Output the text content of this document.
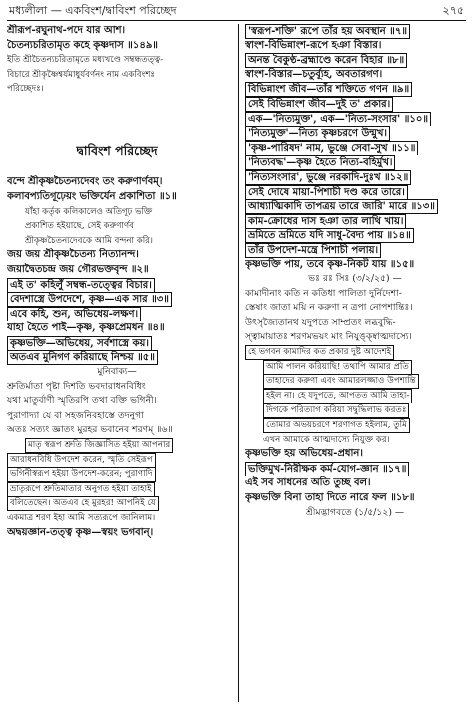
মধ্যলীলা — একবিংশ/দ্বাবিংশ পরিচ্ছেদ	২৭৫
শ্রীরূপ-রঘুনাথ-পদে যার আশ।
চৈতন্যচরিতামৃত কহে কৃষ্ণদাস ॥১৪৯॥
ইতি শ্রীচৈতন্যচরিতামৃতে মধ্যখণ্ডে সম্বন্ধতত্ত্ব-
বিচারে শ্রীকৃষ্ণৈশ্বর্যমাধুর্যবর্ণনং নাম একবিংশঃ
পরিচ্ছেদঃ।
দ্বাবিংশ পরিচ্ছেদ
বন্দে শ্রীকৃষ্ণচৈতন্যদেবং তং করুণার্ণবম্।
কলাবপ্যতিগূঢ়েয়ং ভক্তির্যেন প্রকাশিতা ॥১॥
যাঁহা কর্তৃক কলিকালেও অতিগূঢ় ভক্তি
প্রকাশিত হইয়াছে, সেই করুণার্ণব
শ্রীকৃষ্ণচৈতন্যদেবকে আমি বন্দনা করি।
জয় জয় শ্রীকৃষ্ণচৈতন্য নিত্যানন্দ।
জয়াদ্বৈতচন্দ্র জয় গৌরভক্তবৃন্দ ॥২॥
এই ত' কহিলুঁ সম্বন্ধ-তত্ত্বের বিচার।
বেদশাস্ত্রে উপদেশে, কৃষ্ণ—এক সার ॥৩॥
এবে কহি, শুন, অভিধেয়-লক্ষণ।
যাহা হৈতে পাই—কৃষ্ণ, কৃষ্ণপ্রেমধন ॥৪॥
কৃষ্ণভক্তি—অভিধেয়, সর্বশাস্ত্রে কয়।
অতএব মুনিগণ করিয়াছে নিশ্চয় ॥৫॥
মুনিবাক্য—
শ্রুতির্মাতা পৃষ্টা দিশতি ভবদারাধনবিধিং
যথা মাতুর্বাণী স্মৃতিরপি তথা বক্তি ভগিনী।
পুরাণাদ্যা যে বা সহজনিবহাস্তে তদনুগা
অতঃ সত্যং জ্ঞাতং মুরহর ভবানেব শরণম্ ॥৬॥
মাতৃ স্বরূপ শ্রুতি জিজ্ঞাসিত হইয়া আপনার
আরাধনবিধি উপদেশ করেন, স্মৃতি সেইরূপ
ভগিনীস্বরূপ হইয়া উপদেশ-করেন; পুরাণাদি
ভ্রাতৃরূপে শ্রুতিমাতার অনুগত হইয়া তাহাই
বলিতেছেন। অতএব হে মুরহর! আপনিই যে
একমাত্র শরণ ইহা আমি সত্যরূপে জানিলাম।
অদ্বয়জ্ঞান-তত্ত্ব কৃষ্ণ—স্বয়ং ভগবান্।
'স্বরূপ-শক্তি' রূপে তাঁর হয় অবস্থান ॥৭॥
স্বাংশ-বিভিন্নাংশ-রূপে হঞা বিস্তার।
অনন্ত বৈকুণ্ঠ-ব্রহ্মাণ্ডে করেন বিহার ॥৮॥
স্বাংশ-বিস্তার—চতুর্ব্যূহ, অবতারগণ।
বিভিন্নাংশ জীব—তাঁর শক্তিতে গণন ॥৯॥
সেই বিভিন্নাংশ জীব—দুই ত' প্রকার।
এক—'নিত্যমুক্ত', এক—'নিত্য-সংসার' ॥১০॥
'নিত্যমুক্ত'—নিত্য কৃষ্ণচরণে উন্মুখ।
'কৃষ্ণ-পারিষদ' নাম, ভুঞ্জে সেবা-সুখ ॥১১॥
'নিত্যবদ্ধ'—কৃষ্ণ হৈতে নিত্য-বহির্মুখ।
'নিত্যসংসার', ভুঞ্জে নরকাদি-দুঃখ ॥১২॥
সেই দোষে মায়া-পিশাচী দণ্ড করে তারে।
আধ্যাত্মিকাদি তাপত্রয় তারে জারি' মারে ॥১৩॥
কাম-ক্রোধের দাস হঞা তার লাথি খায়।
ভ্রমিতে ভ্রমিতে যদি সাধু-বৈদ্য পায় ॥১৪॥
তাঁর উপদেশ-মন্ত্রে পিশাচী পলায়।
কৃষ্ণভক্তি পায়, তবে কৃষ্ণ-নিকট যায় ॥১৫॥
ভঃ রঃ সিঃ (৩/২/২৫) —
কামাদীনাং কতি ন কতিধা পালিতা দুর্নিদেশা-
স্তেষাং জাতা ময়ি ন করুণা ন ত্রপা নোপশান্তিঃ।
উৎসৃজ্যৈতানথ যদুপতে সাম্প্রতং লব্ধবুদ্ধি-
স্ত্বামায়াতঃ শরণমভয়ং মাং নিযুঙ্ক্ষ্বাত্মদাস্যে।
হে ভগবন কামাদির কত প্রকার দুষ্ট আদেশই
আমি পালন করিয়াছি! তথাপি আমার প্রতি
তাহাদের করুণা এবং আমারলজ্জাও উপশান্তি
হইল না। হে যদুপতে, আপতত আমি তাহা-
দিগকে পরিত্যাগ করিয়া সদ্বুদ্ধিলাভ করতঃ
তোমার অভয়চরণে শরণাগত হইলাম, তুমি
এখন আমাকে আত্মদাস্যে নিযুক্ত কর।
কৃষ্ণভক্তি হয় অভিধেয়-প্রধান।
ভক্তিমুখ-নিরীক্ষক কর্ম-যোগ-জ্ঞান ॥১৭॥
এই সব সাধনের অতি তুচ্ছ বল।
কৃষ্ণভক্তি বিনা তাহা দিতে নারে ফল ॥১৮॥
শ্রীমদ্ভাগবতে (১/৫/১২) —
